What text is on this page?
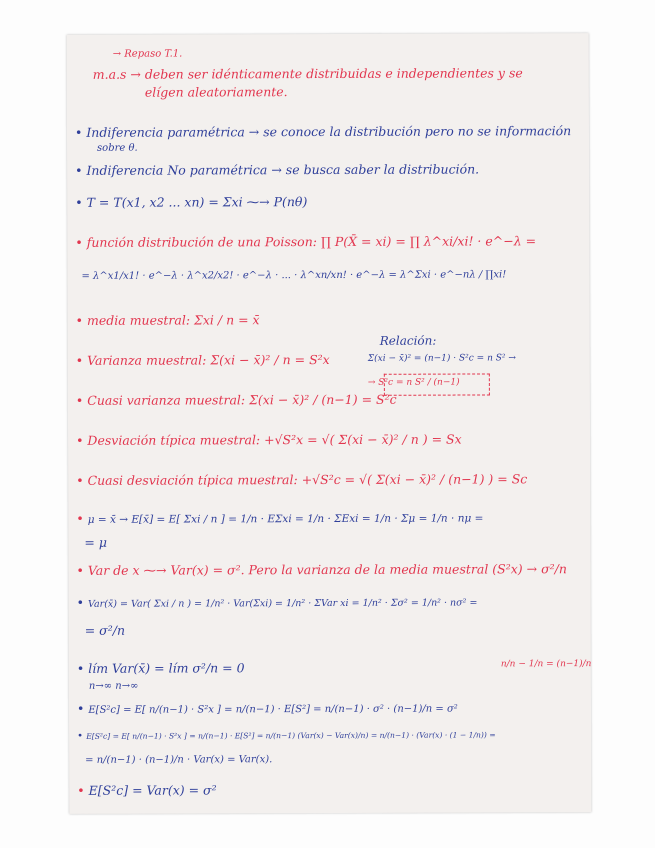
→ Repaso T.1.
m.a.s → deben ser idénticamente distribuidas e independientes y se
elígen aleatoriamente.
• Indiferencia paramétrica → se conoce la distribución pero no se información
sobre θ.
• Indiferencia No paramétrica → se busca saber la distribución.
• T = T(x1, x2 ... xn) = Σxi ⁓→ P(nθ)
• función distribución de una Poisson: ∏ P(X̄ = xi) = ∏ λ^xi/xi! · e^−λ =
= λ^x1/x1! · e^−λ · λ^x2/x2! · e^−λ · ... · λ^xn/xn! · e^−λ = λ^Σxi · e^−nλ / ∏xi!
• media muestral: Σxi / n = x̄
• Varianza muestral: Σ(xi − x̄)² / n = S²x
• Cuasi varianza muestral: Σ(xi − x̄)² / (n−1) = S²c
Relación:
Σ(xi − x̄)² = (n−1) · S²c = n S² →
→ S²c = n S² / (n−1)
• Desviación típica muestral: +√S²x = √( Σ(xi − x̄)² / n ) = Sx
• Cuasi desviación típica muestral: +√S²c = √( Σ(xi − x̄)² / (n−1) ) = Sc
• μ = x̄ → E[x̄] = E[ Σxi / n ] = 1/n · EΣxi = 1/n · ΣExi = 1/n · Σμ = 1/n · nμ =
= μ
• Var de x ⁓→ Var(x) = σ². Pero la varianza de la media muestral (S²x) → σ²/n
• Var(x̄) = Var( Σxi / n ) = 1/n² · Var(Σxi) = 1/n² · ΣVar xi = 1/n² · Σσ² = 1/n² · nσ² =
= σ²/n
• lím Var(x̄) = lím σ²/n = 0
n→∞ n→∞
n/n − 1/n = (n−1)/n
• E[S²c] = E[ n/(n−1) · S²x ] = n/(n−1) · E[S²] = n/(n−1) · σ² · (n−1)/n = σ²
• E[S²c] = E[ n/(n−1) · S²x ] = n/(n−1) · E[S²] = n/(n−1) (Var(x) − Var(x)/n) = n/(n−1) · (Var(x) · (1 − 1/n)) =
= n/(n−1) · (n−1)/n · Var(x) = Var(x).
• E[S²c] = Var(x) = σ²
